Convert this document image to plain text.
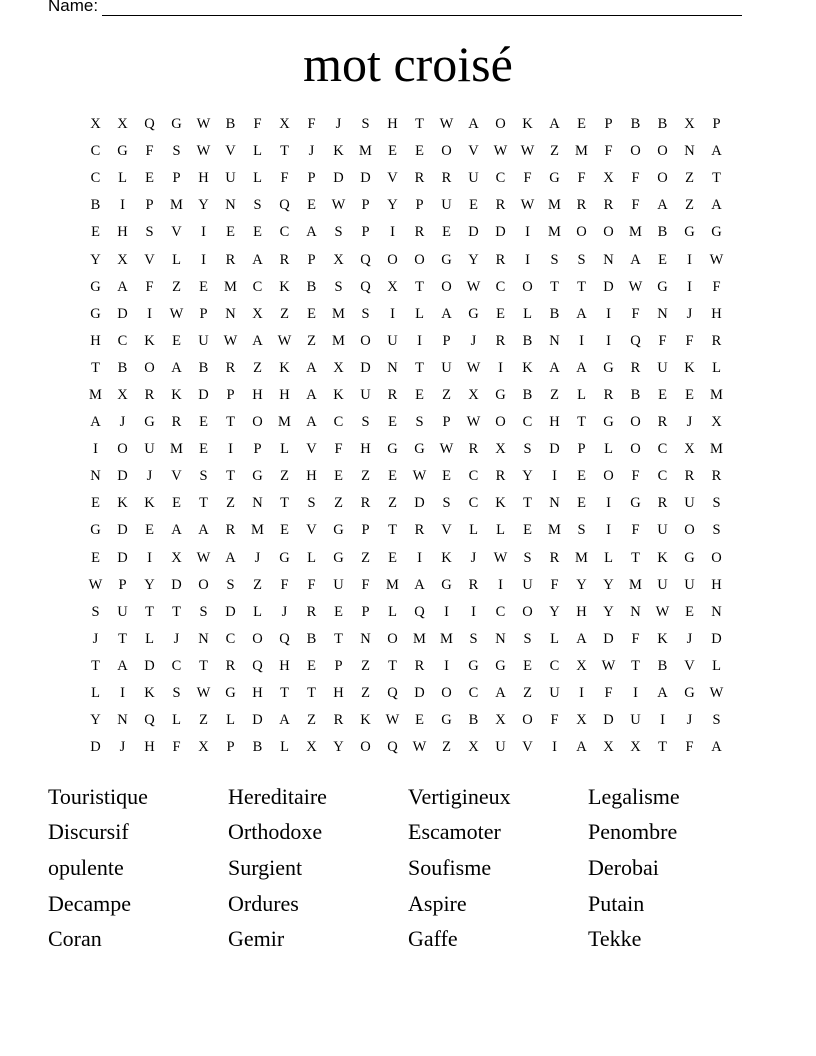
Name:
mot croisé
X	X	Q	G	W	B	F	X	F	J	S	H	T	W	A	O	K	A	E	P	B	B	X	P
C	G	F	S	W	V	L	T	J	K	M	E	E	O	V	W W	Z	M	F	O	O	N	A
C	L	E	P	H	U	L	F	P	D	D	V	R	R	U	C	F	G	F	X	F	O	Z	T
B	I	P	M	Y	N	S	Q	E	W	P	Y	P	U	E	R	W M	R	R	F	A	Z	A
E	H	S	V	I	E	E	C	A	S	P	I	R	E	D	D	I	M	O	O	M	B	G	G
Y	X	V	L	I	R	A	R	P	X	Q	O	O	G	Y	R	I	S	S	N	A	E	I	W
G	A	F	Z	E	M	C	K	B	S	Q	X	T	O	W	C	O	T	T	D	W	G	I	F
G	D	I	W	P	N	X	Z	E	M	S	I	L	A	G	E	L	B	A	I	F	N	J	H
H	C	K	E	U	W	A	W	Z	M	O	U	I	P	J	R	B	N	I	I	Q	F	F	R
T	B	O	A	B	R	Z	K	A	X	D	N	T	U	W	I	K	A	A	G	R	U	K	L
M	X	R	K	D	P	H	H	A	K	U	R	E	Z	X	G	B	Z	L	R	B	E	E	M
A	J	G	R	E	T	O	M	A	C	S	E	S	P	W	O	C	H	T	G	O	R	J	X
I	O	U	M	E	I	P	L	V	F	H	G	G	W	R	X	S	D	P	L	O	C	X	M
N	D	J	V	S	T	G	Z	H	E	Z	E	W	E	C	R	Y	I	E	O	F	C	R	R
E	K	K	E	T	Z	N	T	S	Z	R	Z	D	S	C	K	T	N	E	I	G	R	U	S
G	D	E	A	A	R	M	E	V	G	P	T	R	V	L	L	E	M	S	I	F	U	O	S
E	D	I	X	W	A	J	G	L	G	Z	E	I	K	J	W	S	R	M	L	T	K	G	O
W	P	Y	D	O	S	Z	F	F	U	F	M	A	G	R	I	U	F	Y	Y	M	U	U	H
S	U	T	T	S	D	L	J	R	E	P	L	Q	I	I	C	O	Y	H	Y	N	W	E	N
J	T	L	J	N	C	O	Q	B	T	N	O	M M	S	N	S	L	A	D	F	K	J	D
T	A	D	C	T	R	Q	H	E	P	Z	T	R	I	G	G	E	C	X	W	T	B	V	L
L	I	K	S	W	G	H	T	T	H	Z	Q	D	O	C	A	Z	U	I	F	I	A	G	W
Y	N	Q	L	Z	L	D	A	Z	R	K	W	E	G	B	X	O	F	X	D	U	I	J	S
D	J	H	F	X	P	B	L	X	Y	O	Q	W	Z	X	U	V	I	A	X	X	T	F	A
Touristique	Hereditaire	Vertigineux	Legalisme
Discursif	Orthodoxe	Escamoter	Penombre
opulente	Surgient	Soufisme	Derobai
Decampe	Ordures	Aspire	Putain
Coran	Gemir	Gaffe	Tekke
